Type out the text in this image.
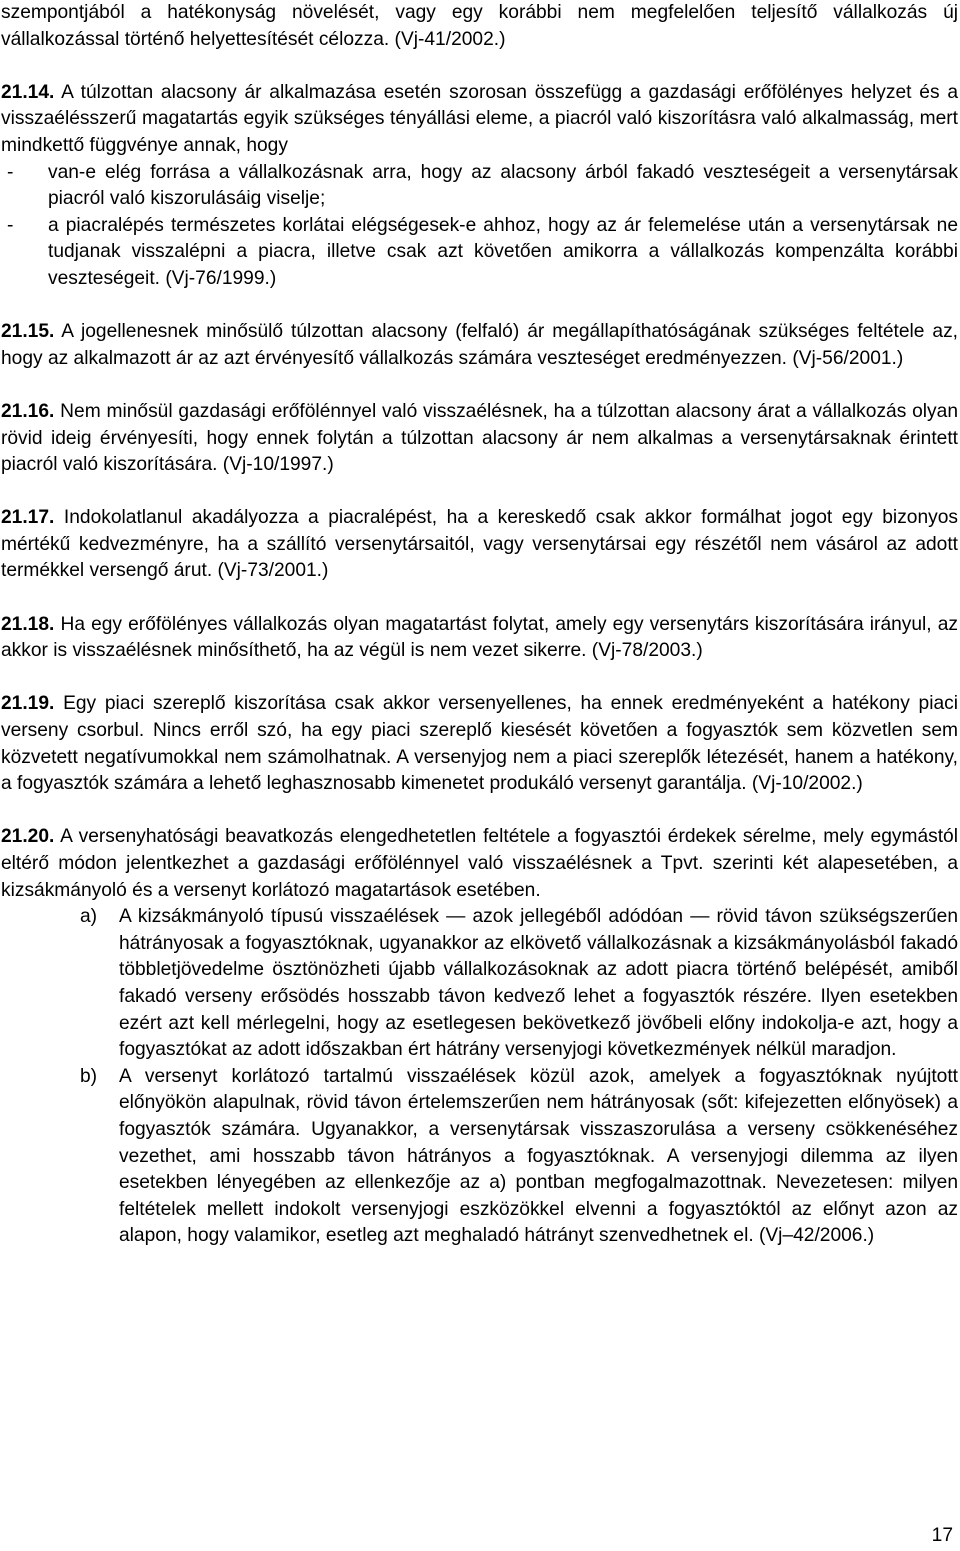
szempontjából a hatékonyság növelését, vagy egy korábbi nem megfelelően teljesítő vállalkozás új vállalkozással történő helyettesítését célozza. (Vj-41/2002.)

21.14. A túlzottan alacsony ár alkalmazása esetén szorosan összefügg a gazdasági erőfölényes helyzet és a visszaélésszerű magatartás egyik szükséges tényállási eleme, a piacról való kiszorításra való alkalmasság, mert mindkettő függvénye annak, hogy

-	van-e elég forrása a vállalkozásnak arra, hogy az alacsony árból fakadó veszteségeit a versenytársak piacról való kiszorulásáig viselje;
-	a piacralépés természetes korlátai elégségesek-e ahhoz, hogy az ár felemelése után a versenytársak ne tudjanak visszalépni a piacra, illetve csak azt követően amikorra a vállalkozás kompenzálta korábbi veszteségeit. (Vj-76/1999.)

21.15. A jogellenesnek minősülő túlzottan alacsony (felfaló) ár megállapíthatóságának szükséges feltétele az, hogy az alkalmazott ár az azt érvényesítő vállalkozás számára veszteséget eredményezzen. (Vj-56/2001.)

21.16. Nem minősül gazdasági erőfölénnyel való visszaélésnek, ha a túlzottan alacsony árat a vállalkozás olyan rövid ideig érvényesíti, hogy ennek folytán a túlzottan alacsony ár nem alkalmas a versenytársaknak érintett piacról való kiszorítására. (Vj-10/1997.)

21.17. Indokolatlanul akadályozza a piacralépést, ha a kereskedő csak akkor formálhat jogot egy bizonyos mértékű kedvezményre, ha a szállító versenytársaitól, vagy versenytársai egy részétől nem vásárol az adott termékkel versengő árut. (Vj-73/2001.)

21.18. Ha egy erőfölényes vállalkozás olyan magatartást folytat, amely egy versenytárs kiszorítására irányul, az akkor is visszaélésnek minősíthető, ha az végül is nem vezet sikerre. (Vj-78/2003.)

21.19. Egy piaci szereplő kiszorítása csak akkor versenyellenes, ha ennek eredményeként a hatékony piaci verseny csorbul. Nincs erről szó, ha egy piaci szereplő kiesését követően a fogyasztók sem közvetlen sem közvetett negatívumokkal nem számolhatnak. A versenyjog nem a piaci szereplők létezését, hanem a hatékony, a fogyasztók számára a lehető leghasznosabb kimenetet produkáló versenyt garantálja. (Vj-10/2002.)

21.20. A versenyhatósági beavatkozás elengedhetetlen feltétele a fogyasztói érdekek sérelme, mely egymástól eltérő módon jelentkezhet a gazdasági erőfölénnyel való visszaélésnek a Tpvt. szerinti két alapesetében, a kizsákmányoló és a versenyt korlátozó magatartások esetében.

a)	A kizsákmányoló típusú visszaélések — azok jellegéből adódóan — rövid távon szükségszerűen hátrányosak a fogyasztóknak, ugyanakkor az elkövető vállalkozásnak a kizsákmányolásból fakadó többletjövedelme ösztönözheti újabb vállalkozásoknak az adott piacra történő belépését, amiből fakadó verseny erősödés hosszabb távon kedvező lehet a fogyasztók részére. Ilyen esetekben ezért azt kell mérlegelni, hogy az esetlegesen bekövetkező jövőbeli előny indokolja-e azt, hogy a fogyasztókat az adott időszakban ért hátrány versenyjogi következmények nélkül maradjon.
b)	A versenyt korlátozó tartalmú visszaélések közül azok, amelyek a fogyasztóknak nyújtott előnyökön alapulnak, rövid távon értelemszerűen nem hátrányosak (sőt: kifejezetten előnyösek) a fogyasztók számára. Ugyanakkor, a versenytársak visszaszorulása a verseny csökkenéséhez vezethet, ami hosszabb távon hátrányos a fogyasztóknak. A versenyjogi dilemma az ilyen esetekben lényegében az ellenkezője az a) pontban megfogalmazottnak. Nevezetesen: milyen feltételek mellett indokolt versenyjogi eszközökkel elvenni a fogyasztóktól az előnyt azon az alapon, hogy valamikor, esetleg azt meghaladó hátrányt szenvedhetnek el. (Vj–42/2006.)
17
